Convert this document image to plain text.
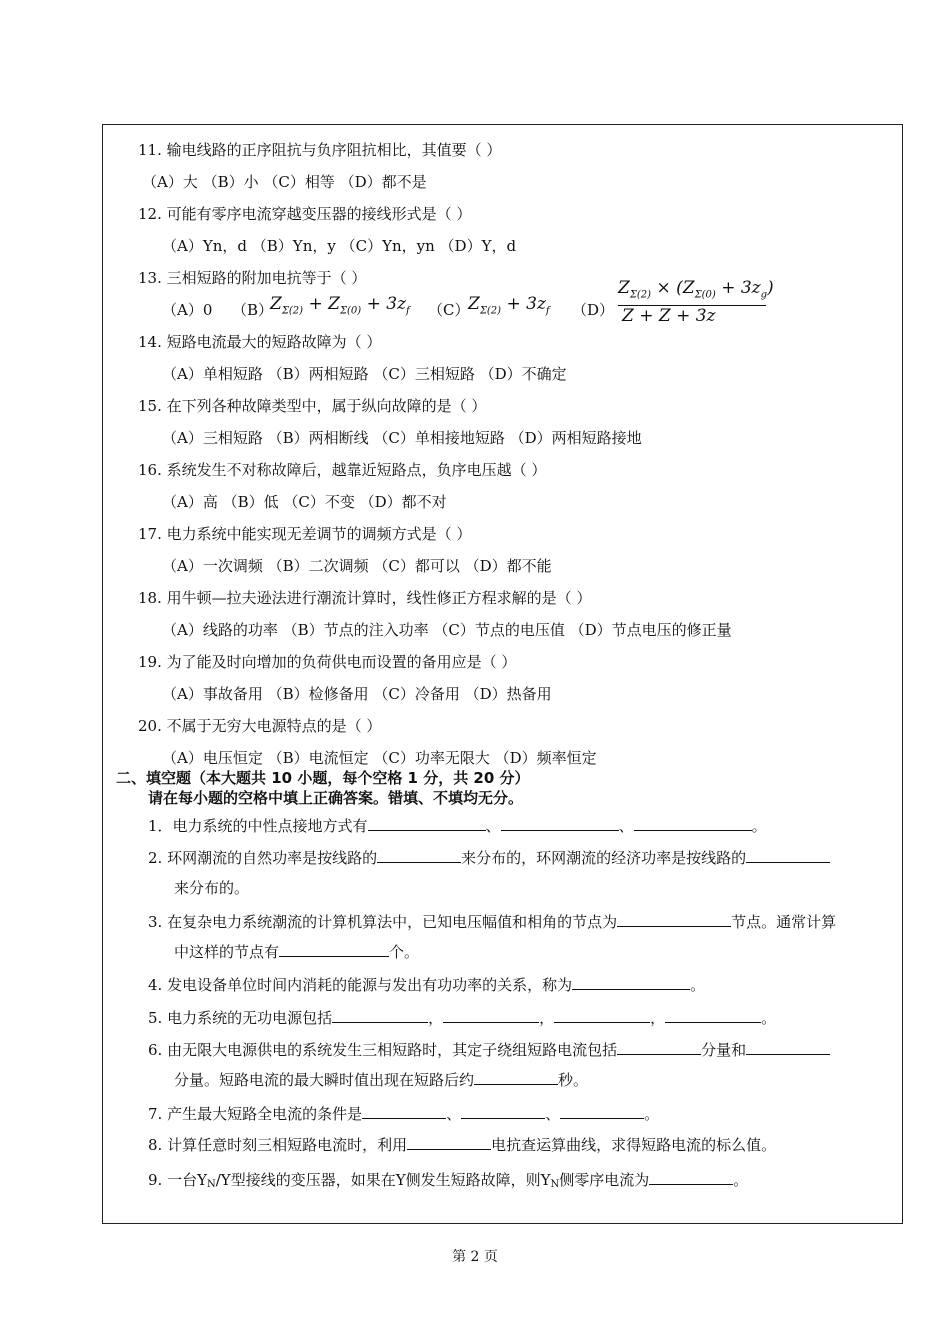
11. 输电线路的正序阻抗与负序阻抗相比，其值要（ ）
（A）大 （B）小 （C）相等 （D）都不是
12. 可能有零序电流穿越变压器的接线形式是（ ）
（A）Yn，d （B）Yn，y （C）Yn，yn （D）Y，d
13. 三相短路的附加电抗等于（ ）
（A）0 （B）
$Z_{\Sigma(2)} + Z_{\Sigma(0)} + 3z_f$ （C）
$Z_{\Sigma(2)} + 3z_f$ （D）
$Z_{\Sigma(2)} \times (Z_{\Sigma(0)} + 3z_g)$
Z + Z + 3z
14. 短路电流最大的短路故障为（ ）
（A）单相短路 （B）两相短路 （C）三相短路 （D）不确定
15. 在下列各种故障类型中，属于纵向故障的是（ ）
（A）三相短路 （B）两相断线 （C）单相接地短路 （D）两相短路接地
16. 系统发生不对称故障后，越靠近短路点，负序电压越（ ）
（A）高 （B）低 （C）不变 （D）都不对
17. 电力系统中能实现无差调节的调频方式是（ ）
（A）一次调频 （B）二次调频 （C）都可以 （D）都不能
18. 用牛顿—拉夫逊法进行潮流计算时，线性修正方程求解的是（ ）
（A）线路的功率 （B）节点的注入功率 （C）节点的电压值 （D）节点电压的修正量
19. 为了能及时向增加的负荷供电而设置的备用应是（ ）
（A）事故备用 （B）检修备用 （C）冷备用 （D）热备用
20. 不属于无穷大电源特点的是（ ）
（A）电压恒定 （B）电流恒定 （C）功率无限大 （D）频率恒定
二、填空题（本大题共 10 小题，每个空格 1 分，共 20 分）
请在每小题的空格中填上正确答案。错填、不填均无分。
1．电力系统的中性点接地方式有	、	、	。
2. 环网潮流的自然功率是按线路的	来分布的，环网潮流的经济功率是按线路的
来分布的。
3. 在复杂电力系统潮流的计算机算法中，已知电压幅值和相角的节点为	节点。通常计算
中这样的节点有	个。
4. 发电设备单位时间内消耗的能源与发出有功功率的关系，称为	。
5. 电力系统的无功电源包括	，	，	，	。
6. 由无限大电源供电的系统发生三相短路时，其定子绕组短路电流包括	分量和
分量。短路电流的最大瞬时值出现在短路后约	秒。
7. 产生最大短路全电流的条件是	、	、	。
8. 计算任意时刻三相短路电流时，利用	电抗查运算曲线，求得短路电流的标么值。
9. 一台YN/Y型接线的变压器，如果在Y侧发生短路故障，则YN侧零序电流为	。
第 2 页
